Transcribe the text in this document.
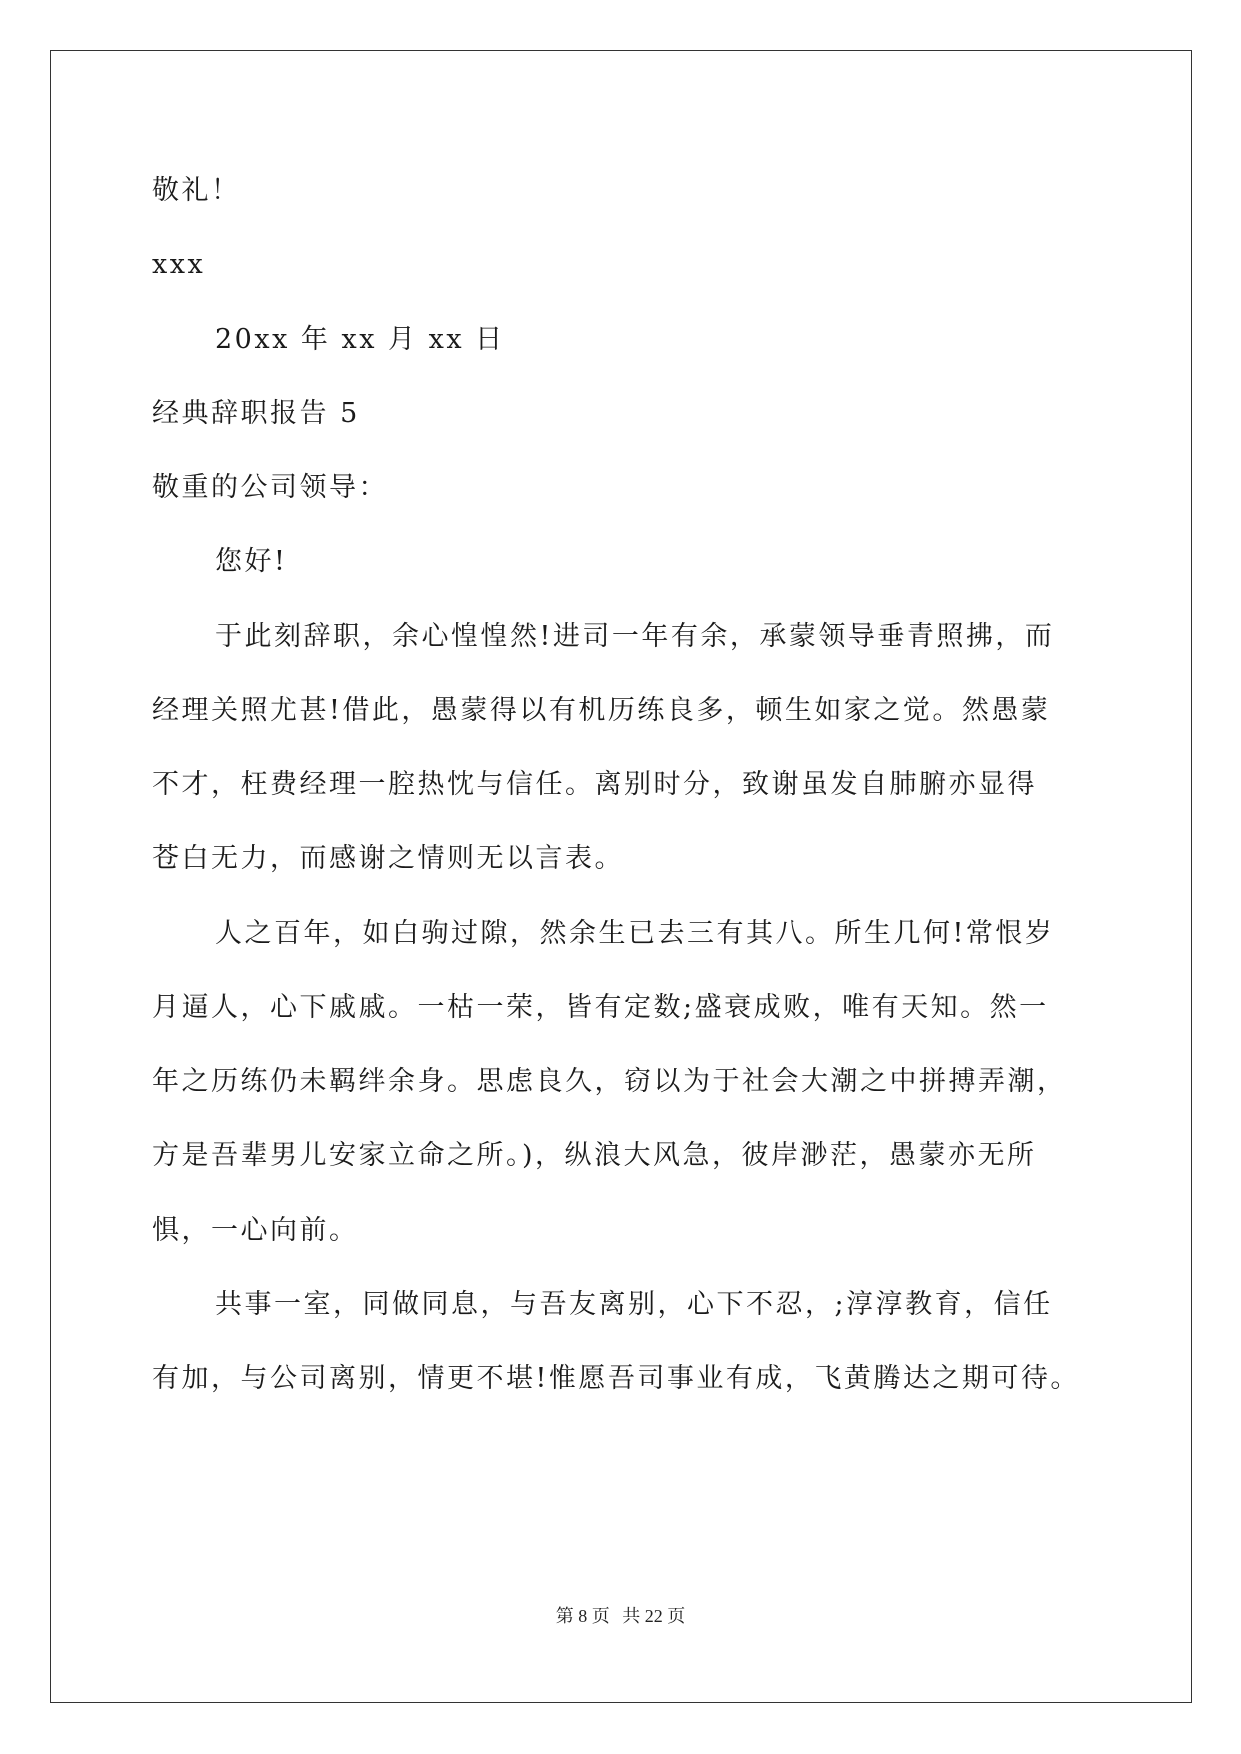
敬礼！
xxx
20xx 年 xx 月 xx 日
经典辞职报告 5
敬重的公司领导：
您好!
于此刻辞职，余心惶惶然!进司一年有余，承蒙领导垂青照拂，而
经理关照尤甚!借此，愚蒙得以有机历练良多，顿生如家之觉。然愚蒙
不才，枉费经理一腔热忱与信任。离别时分，致谢虽发自肺腑亦显得
苍白无力，而感谢之情则无以言表。
人之百年，如白驹过隙，然余生已去三有其八。所生几何!常恨岁
月逼人，心下戚戚。一枯一荣，皆有定数;盛衰成败，唯有天知。然一
年之历练仍未羁绊余身。思虑良久，窃以为于社会大潮之中拼搏弄潮，
方是吾辈男儿安家立命之所。)，纵浪大风急，彼岸渺茫，愚蒙亦无所
惧，一心向前。
共事一室，同做同息，与吾友离别，心下不忍，;淳淳教育，信任
有加，与公司离别，情更不堪!惟愿吾司事业有成，飞黄腾达之期可待。
第 8 页 共 22 页
